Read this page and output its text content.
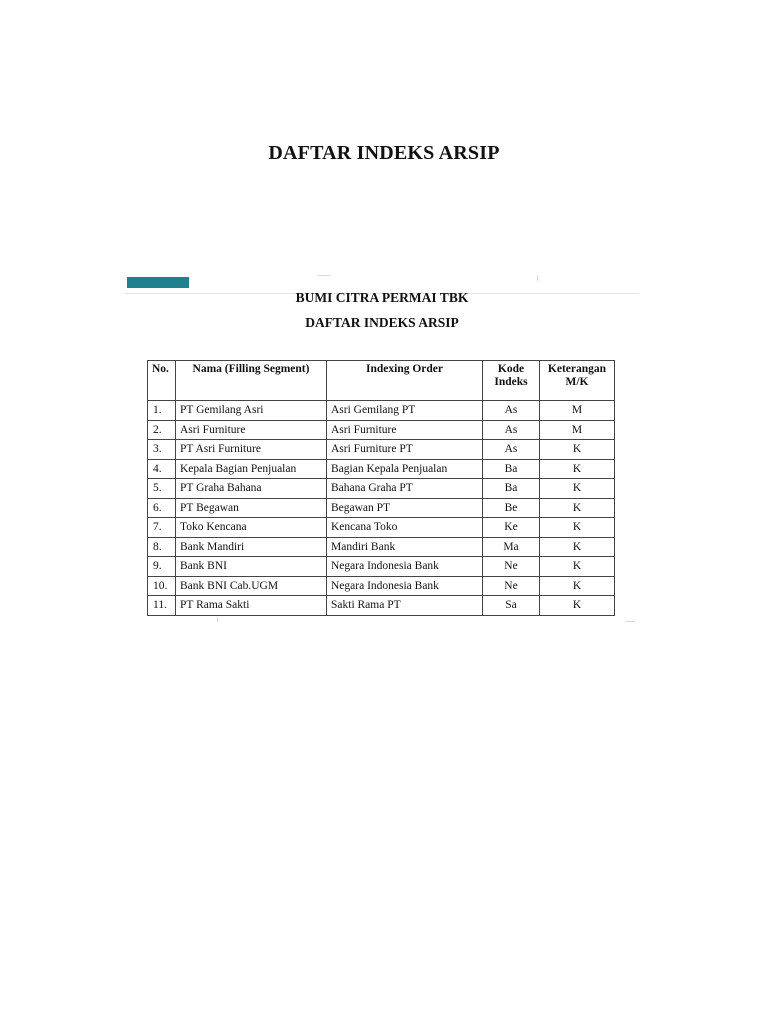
DAFTAR INDEKS ARSIP
BUMI CITRA PERMAI TBK
DAFTAR INDEKS ARSIP
No.	Nama (Filling Segment)	Indexing Order	Kode Indeks	Keterangan M/K
1.	PT Gemilang Asri	Asri Gemilang PT	As	M
2.	Asri Furniture	Asri Furniture	As	M
3.	PT Asri Furniture	Asri Furniture PT	As	K
4.	Kepala Bagian Penjualan	Bagian Kepala Penjualan	Ba	K
5.	PT Graha Bahana	Bahana Graha PT	Ba	K
6.	PT Begawan	Begawan PT	Be	K
7.	Toko Kencana	Kencana Toko	Ke	K
8.	Bank Mandiri	Mandiri Bank	Ma	K
9.	Bank BNI	Negara Indonesia Bank	Ne	K
10.	Bank BNI Cab.UGM	Negara Indonesia Bank	Ne	K
11.	PT Rama Sakti	Sakti Rama PT	Sa	K
